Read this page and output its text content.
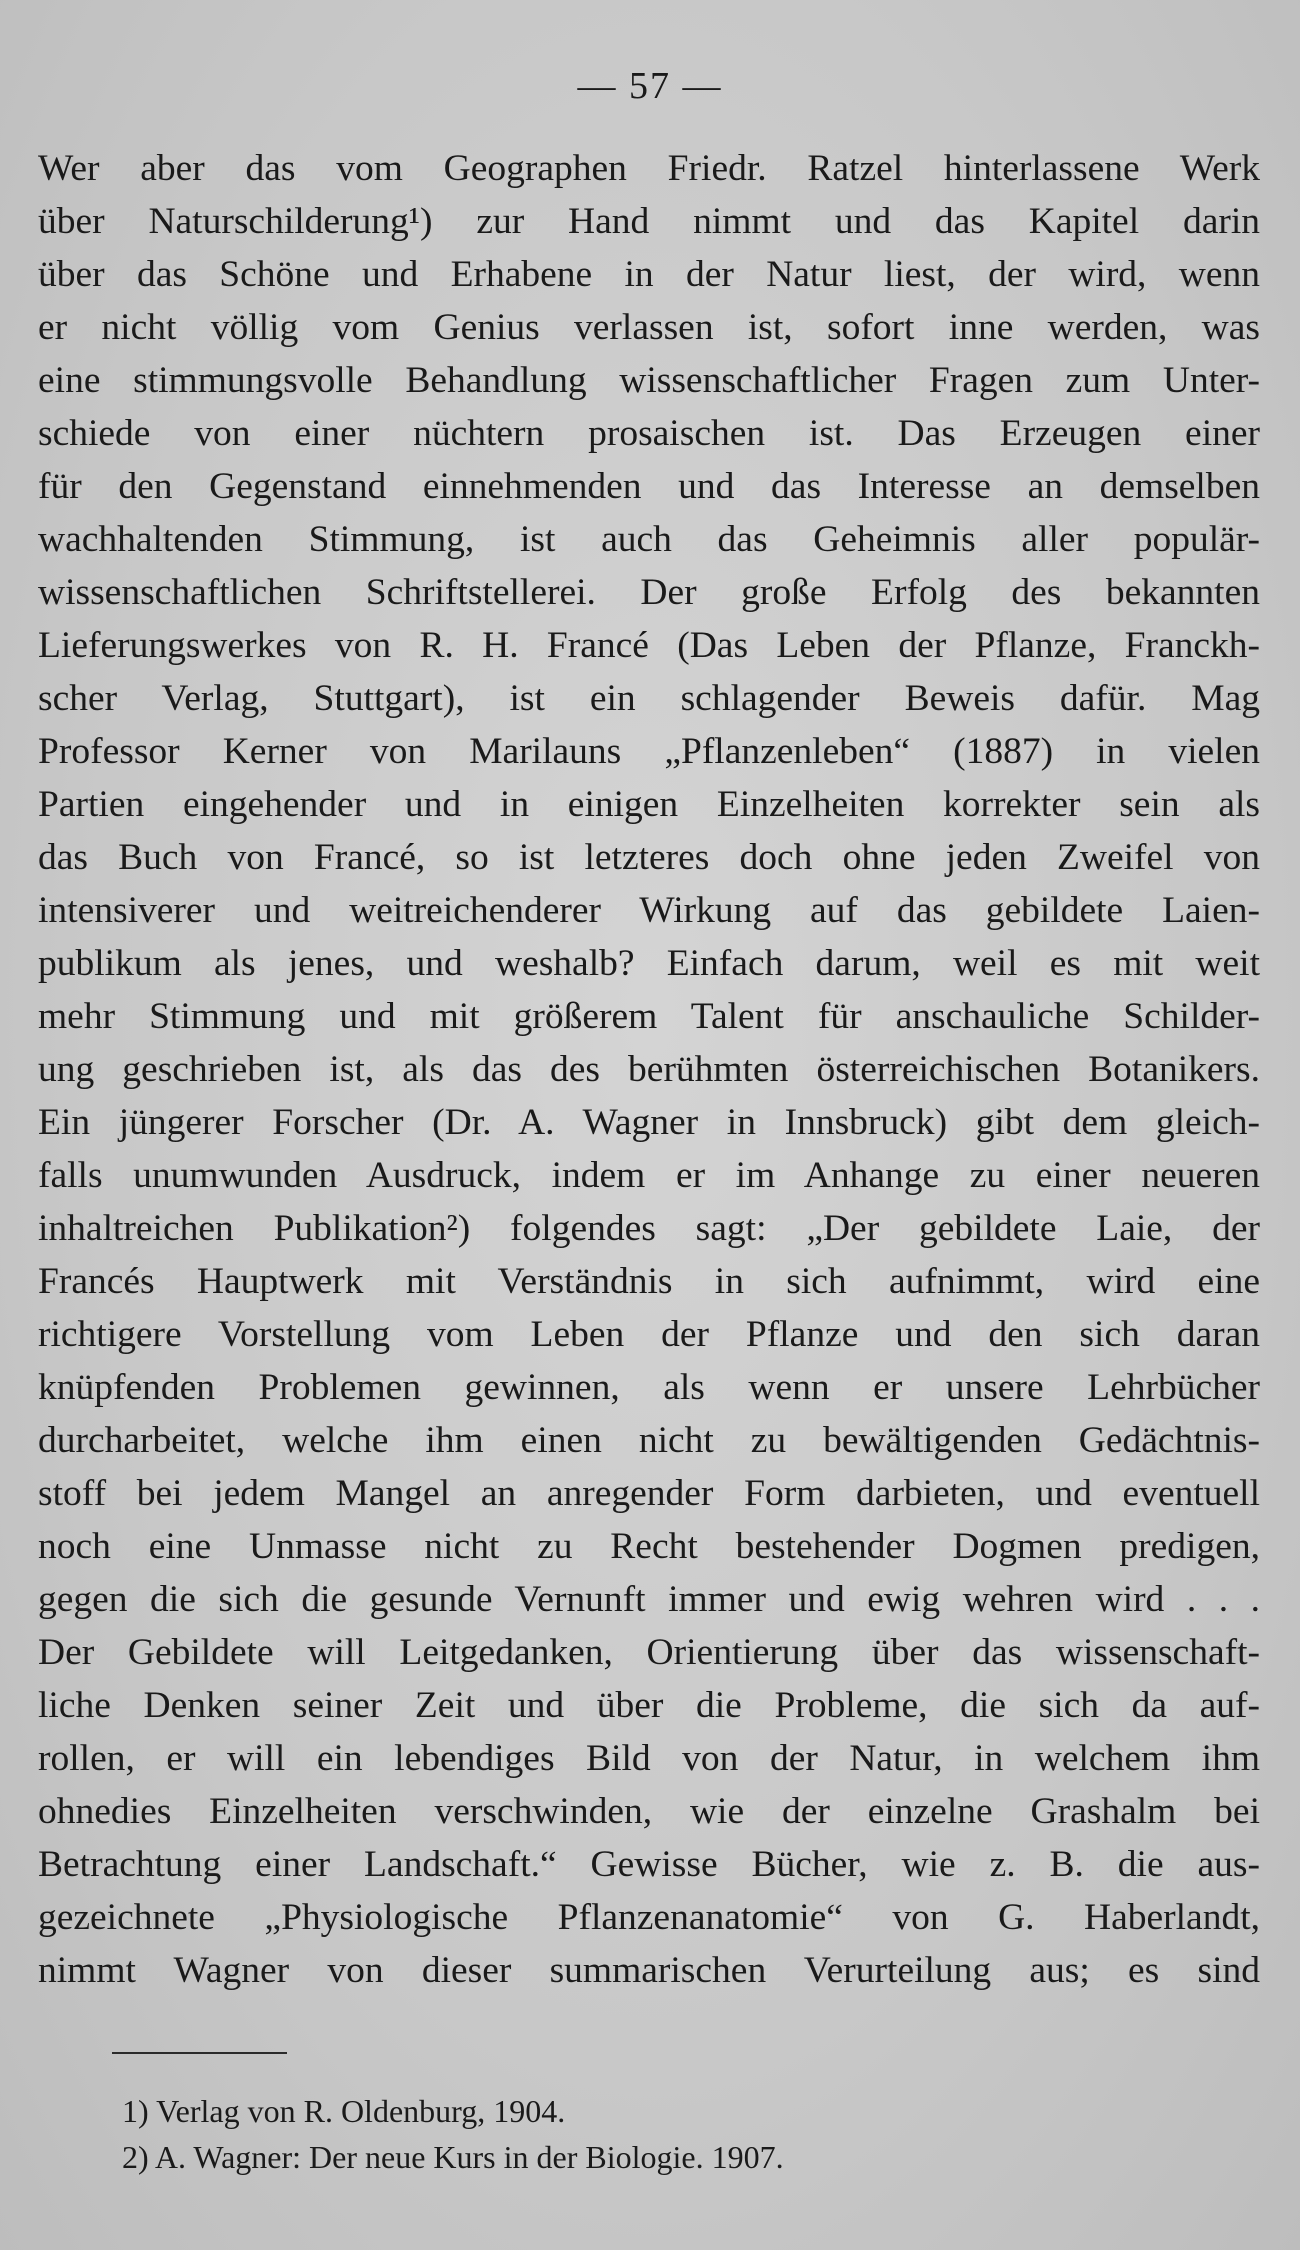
— 57 —
Wer aber das vom Geographen Friedr. Ratzel hinterlassene Werk
über Naturschilderung¹) zur Hand nimmt und das Kapitel darin
über das Schöne und Erhabene in der Natur liest, der wird, wenn
er nicht völlig vom Genius verlassen ist, sofort inne werden, was
eine stimmungsvolle Behandlung wissenschaftlicher Fragen zum Unter-
schiede von einer nüchtern prosaischen ist. Das Erzeugen einer
für den Gegenstand einnehmenden und das Interesse an demselben
wachhaltenden Stimmung, ist auch das Geheimnis aller populär-
wissenschaftlichen Schriftstellerei. Der große Erfolg des bekannten
Lieferungswerkes von R. H. Francé (Das Leben der Pflanze, Franckh-
scher Verlag, Stuttgart), ist ein schlagender Beweis dafür. Mag
Professor Kerner von Marilauns „Pflanzenleben“ (1887) in vielen
Partien eingehender und in einigen Einzelheiten korrekter sein als
das Buch von Francé, so ist letzteres doch ohne jeden Zweifel von
intensiverer und weitreichenderer Wirkung auf das gebildete Laien-
publikum als jenes, und weshalb? Einfach darum, weil es mit weit
mehr Stimmung und mit größerem Talent für anschauliche Schilder-
ung geschrieben ist, als das des berühmten österreichischen Botanikers.
Ein jüngerer Forscher (Dr. A. Wagner in Innsbruck) gibt dem gleich-
falls unumwunden Ausdruck, indem er im Anhange zu einer neueren
inhaltreichen Publikation²) folgendes sagt: „Der gebildete Laie, der
Francés Hauptwerk mit Verständnis in sich aufnimmt, wird eine
richtigere Vorstellung vom Leben der Pflanze und den sich daran
knüpfenden Problemen gewinnen, als wenn er unsere Lehrbücher
durcharbeitet, welche ihm einen nicht zu bewältigenden Gedächtnis-
stoff bei jedem Mangel an anregender Form darbieten, und eventuell
noch eine Unmasse nicht zu Recht bestehender Dogmen predigen,
gegen die sich die gesunde Vernunft immer und ewig wehren wird . . .
Der Gebildete will Leitgedanken, Orientierung über das wissenschaft-
liche Denken seiner Zeit und über die Probleme, die sich da auf-
rollen, er will ein lebendiges Bild von der Natur, in welchem ihm
ohnedies Einzelheiten verschwinden, wie der einzelne Grashalm bei
Betrachtung einer Landschaft.“ Gewisse Bücher, wie z. B. die aus-
gezeichnete „Physiologische Pflanzenanatomie“ von G. Haberlandt,
nimmt Wagner von dieser summarischen Verurteilung aus; es sind
1) Verlag von R. Oldenburg, 1904.
2) A. Wagner: Der neue Kurs in der Biologie. 1907.
